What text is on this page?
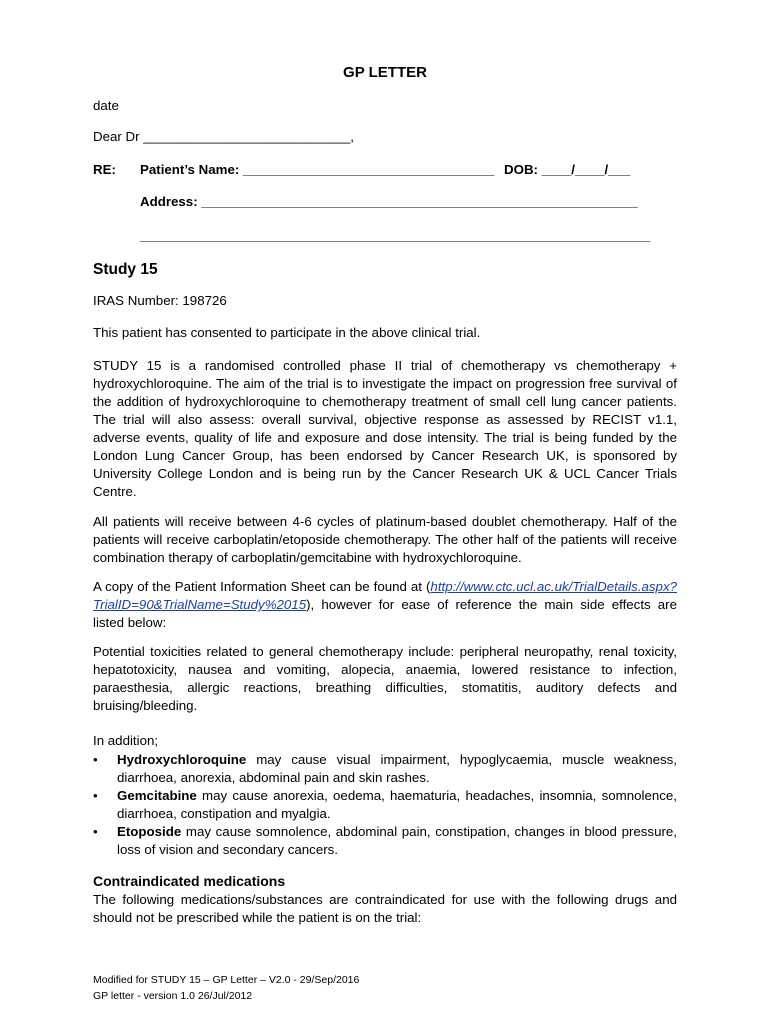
GP LETTER
date
Dear Dr ____________________________,
RE: Patient’s Name: __________________________________ DOB: ____/____/___
Address: ___________________________________________________________
_____________________________________________________________________
Study 15
IRAS Number: 198726
This patient has consented to participate in the above clinical trial.
STUDY 15 is a randomised controlled phase II trial of chemotherapy vs chemotherapy + hydroxychloroquine. The aim of the trial is to investigate the impact on progression free survival of the addition of hydroxychloroquine to chemotherapy treatment of small cell lung cancer patients. The trial will also assess: overall survival, objective response as assessed by RECIST v1.1, adverse events, quality of life and exposure and dose intensity. The trial is being funded by the London Lung Cancer Group, has been endorsed by Cancer Research UK, is sponsored by University College London and is being run by the Cancer Research UK & UCL Cancer Trials Centre.
All patients will receive between 4-6 cycles of platinum-based doublet chemotherapy. Half of the patients will receive carboplatin/etoposide chemotherapy. The other half of the patients will receive combination therapy of carboplatin/gemcitabine with hydroxychloroquine.
A copy of the Patient Information Sheet can be found at (http://www.ctc.ucl.ac.uk/TrialDetails.aspx?TrialID=90&TrialName=Study%2015), however for ease of reference the main side effects are listed below:
Potential toxicities related to general chemotherapy include: peripheral neuropathy, renal toxicity, hepatotoxicity, nausea and vomiting, alopecia, anaemia, lowered resistance to infection, paraesthesia, allergic reactions, breathing difficulties, stomatitis, auditory defects and bruising/bleeding.
In addition;
• Hydroxychloroquine may cause visual impairment, hypoglycaemia, muscle weakness, diarrhoea, anorexia, abdominal pain and skin rashes.
• Gemcitabine may cause anorexia, oedema, haematuria, headaches, insomnia, somnolence, diarrhoea, constipation and myalgia.
• Etoposide may cause somnolence, abdominal pain, constipation, changes in blood pressure, loss of vision and secondary cancers.
Contraindicated medications
The following medications/substances are contraindicated for use with the following drugs and should not be prescribed while the patient is on the trial:
Modified for STUDY 15 – GP Letter – V2.0 - 29/Sep/2016
GP letter - version 1.0 26/Jul/2012
